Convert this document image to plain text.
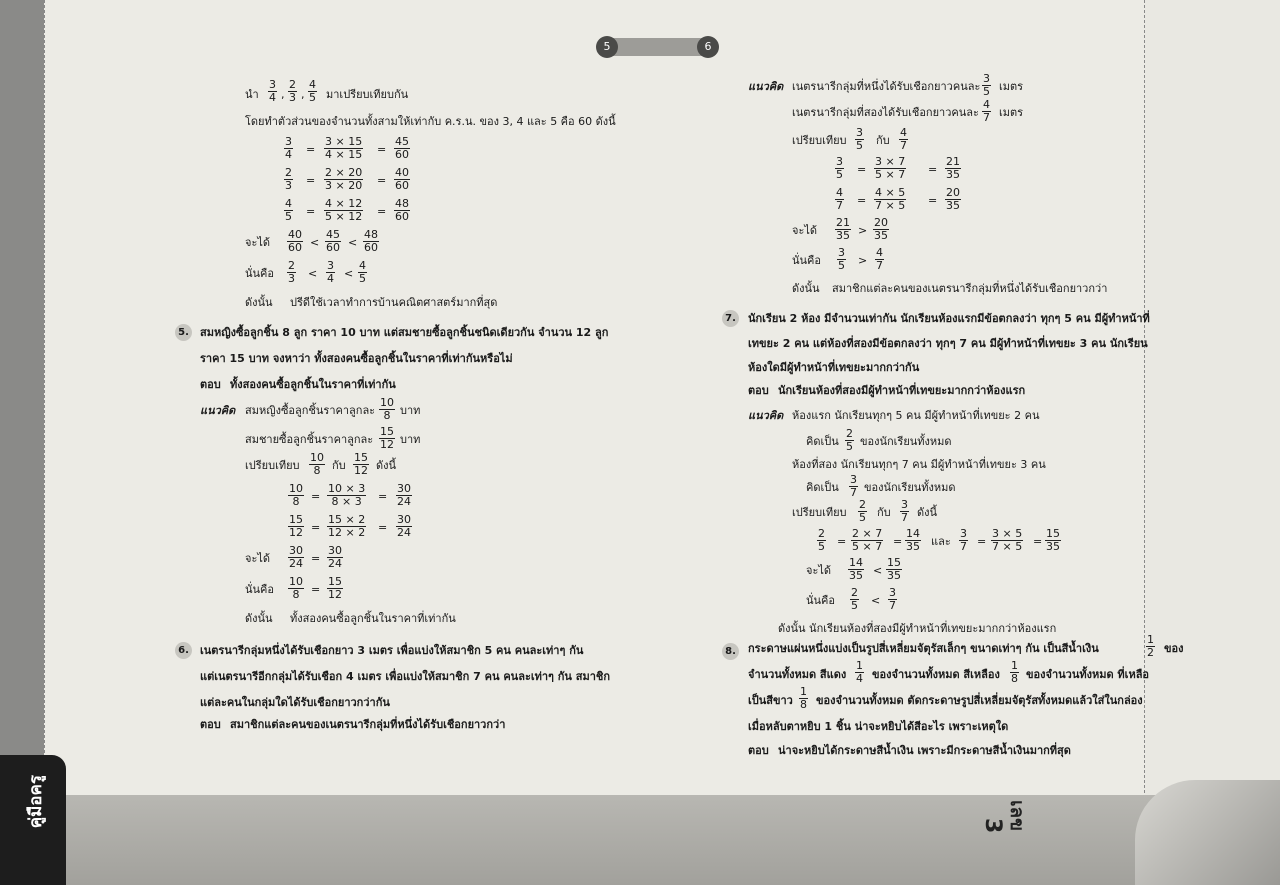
คู่มือครู	เลข
3
5	6
นำ
3
4 ,
2
3 ,
4
5 มาเปรียบเทียบกัน
โดยทำตัวส่วนของจำนวนทั้งสามให้เท่ากับ ค.ร.น. ของ 3, 4 และ 5 คือ 60 ดังนี้
3
4 =
3 × 15
4 × 15 =
45
60
2
3 =
2 × 20
3 × 20 =
40
60
4
5 =
4 × 12
5 × 12 =
48
60
จะได้
40
60 <
45
60 <
48
60
นั่นคือ
2
3 <
3
4 <
4
5
ดังนั้น ปรีดีใช้เวลาทำการบ้านคณิตศาสตร์มากที่สุด
5. สมหญิงซื้อลูกชิ้น 8 ลูก ราคา 10 บาท แต่สมชายซื้อลูกชิ้นชนิดเดียวกัน จำนวน 12 ลูก
ราคา 15 บาท จงหาว่า ทั้งสองคนซื้อลูกชิ้นในราคาที่เท่ากันหรือไม่
ตอบ ทั้งสองคนซื้อลูกชิ้นในราคาที่เท่ากัน
แนวคิด สมหญิงซื้อลูกชิ้นราคาลูกละ
10
8 บาท
สมชายซื้อลูกชิ้นราคาลูกละ
15
12 บาท
เปรียบเทียบ
10
8	กับ
15
12 ดังนี้
10
8	=
10 × 3
8 × 3	=
30
24
15
12 =
15 × 2
12 × 2 =
30
24
จะได้
30
24 =
30
24
นั่นคือ
10
8	=
15
12
ดังนั้น ทั้งสองคนซื้อลูกชิ้นในราคาที่เท่ากัน
6. เนตรนารีกลุ่มหนึ่งได้รับเชือกยาว 3 เมตร เพื่อแบ่งให้สมาชิก 5 คน คนละเท่าๆ กัน
แต่เนตรนารีอีกกลุ่มได้รับเชือก 4 เมตร เพื่อแบ่งให้สมาชิก 7 คน คนละเท่าๆ กัน สมาชิก
แต่ละคนในกลุ่มใดได้รับเชือกยาวกว่ากัน
ตอบ สมาชิกแต่ละคนของเนตรนารีกลุ่มที่หนึ่งได้รับเชือกยาวกว่า
แนวคิด เนตรนารีกลุ่มที่หนึ่งได้รับเชือกยาวคนละ
3
5 เมตร
เนตรนารีกลุ่มที่สองได้รับเชือกยาวคนละ
4
7 เมตร
เปรียบเทียบ
3
5 กับ
4
7
3
5 =
3 × 7
5 × 7 =
21
35
4
7 =
4 × 5
7 × 5 =
20
35
จะได้
21
35 >
20
35
นั่นคือ
3
5 >
4
7
ดังนั้น สมาชิกแต่ละคนของเนตรนารีกลุ่มที่หนึ่งได้รับเชือกยาวกว่า
7. นักเรียน 2 ห้อง มีจำนวนเท่ากัน นักเรียนห้องแรกมีข้อตกลงว่า ทุกๆ 5 คน มีผู้ทำหน้าที่
เทขยะ 2 คน แต่ห้องที่สองมีข้อตกลงว่า ทุกๆ 7 คน มีผู้ทำหน้าที่เทขยะ 3 คน นักเรียน
ห้องใดมีผู้ทำหน้าที่เทขยะมากกว่ากัน
ตอบ นักเรียนห้องที่สองมีผู้ทำหน้าที่เทขยะมากกว่าห้องแรก
แนวคิด ห้องแรก นักเรียนทุกๆ 5 คน มีผู้ทำหน้าที่เทขยะ 2 คน
คิดเป็น
2
5 ของนักเรียนทั้งหมด
ห้องที่สอง นักเรียนทุกๆ 7 คน มีผู้ทำหน้าที่เทขยะ 3 คน
คิดเป็น
3
7 ของนักเรียนทั้งหมด
เปรียบเทียบ
2
5 กับ
3
7 ดังนี้
2
5 =
2 × 7
5 × 7 =
14
35 และ
3
7 =
3 × 5
7 × 5 =
15
35
จะได้
14
35 <
15
35
นั่นคือ
2
5 <
3
7
ดังนั้น นักเรียนห้องที่สองมีผู้ทำหน้าที่เทขยะมากกว่าห้องแรก
8. กระดาษแผ่นหนึ่งแบ่งเป็นรูปสี่เหลี่ยมจัตุรัสเล็กๆ ขนาดเท่าๆ กัน เป็นสีน้ำเงิน
1
2 ของ
จำนวนทั้งหมด สีแดง
1
4 ของจำนวนทั้งหมด สีเหลือง
1
8 ของจำนวนทั้งหมด ที่เหลือ
เป็นสีขาว
1
8 ของจำนวนทั้งหมด ตัดกระดาษรูปสี่เหลี่ยมจัตุรัสทั้งหมดแล้วใส่ในกล่อง
เมื่อหลับตาหยิบ 1 ชิ้น น่าจะหยิบได้สีอะไร เพราะเหตุใด
ตอบ น่าจะหยิบได้กระดาษสีน้ำเงิน เพราะมีกระดาษสีน้ำเงินมากที่สุด
